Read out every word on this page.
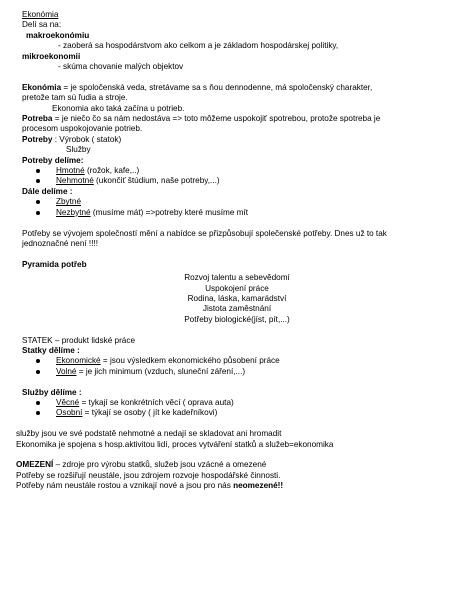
Ekonómia

Delí sa na:

makroekonómiu

- zaoberá sa hospodárstvom ako celkom a je základom hospodárskej politiky,

mikroekonomii

- skúma chovanie malých objektov

Ekonómia = je spoločenská veda, stretávame sa s ňou dennodenne, má spoločenský charakter,

pretože tam sú ľudia a stroje.

Ekonomia ako taká začína u potrieb.

Potreba = je niečo čo sa nám nedostáva => toto môžeme uspokojiť spotrebou, protože spotreba je

procesom uspokojovanie potrieb.

Potreby : Výrobok ( statok)

Služby

Potreby delíme:

Hmotné (rožok, kafe,..)
Nehmotné (ukončiť štúdium, naše potreby,...)

Dále delíme :

Zbytné
Nezbytné (musíme mát) =>potreby které musíme mít

Potřeby se vývojem společností mění a nabídce se přizpůsobují společenské potřeby. Dnes už to tak

jednoznačné není !!!!

Pyramida potřeb

Rozvoj talentu a sebevědomí

Uspokojení práce

Rodina, láska, kamarádství

Jistota zaměstnání

Potřeby biologické(jíst, pít,...)

STATEK – produkt lidské práce

Statky dělíme :

Ekonomické = jsou výsledkem ekonomického působení práce
Volné = je jich minimum (vzduch, sluneční záření,...)

Služby dělíme :

Věcné = tykají se konkrétních věcí ( oprava auta)
Osobní = týkají se osoby ( jít ke kadeřníkovi)

služby jsou ve své podstatě nehmotné a nedají se skladovat ani hromadit

Ekonomika je spojena s hosp.aktivitou lidí, proces vytváření statků a služeb=ekonomika

OMEZENÍ – zdroje pro výrobu statků, služeb jsou vzácné a omezené

Potřeby se rozšiřují neustále, jsou zdrojem rozvoje hospodářské činnosti.

Potřeby nám neustále rostou a vznikají nové a jsou pro nás neomezené!!
